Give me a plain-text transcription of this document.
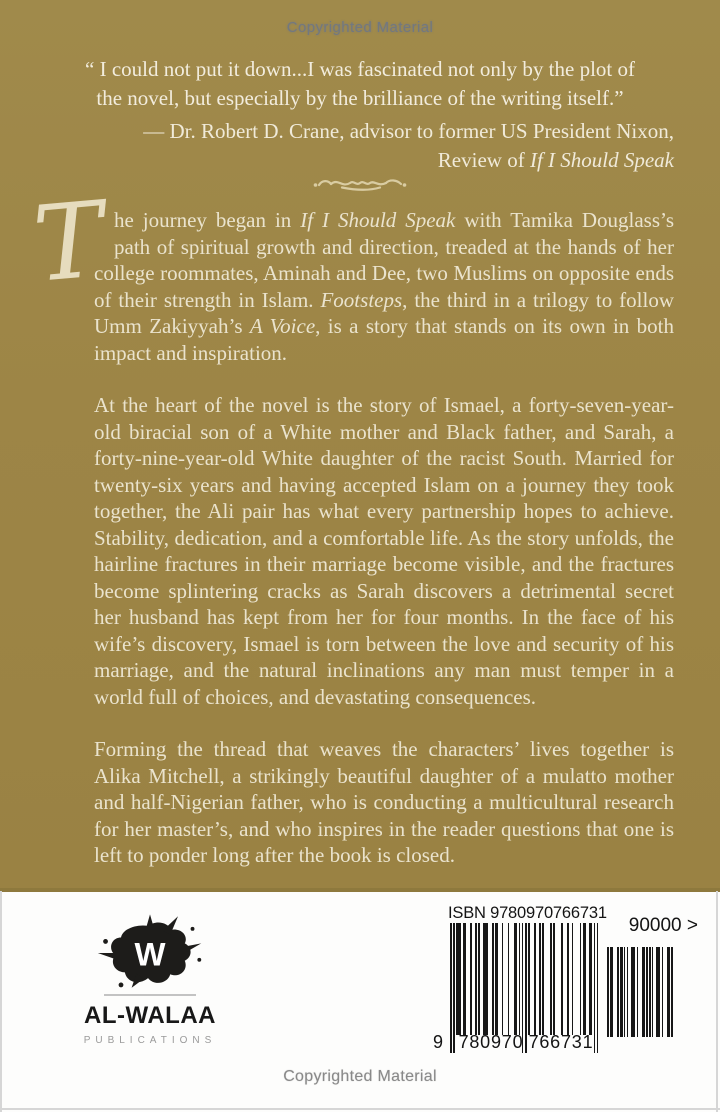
Copyrighted Material
“ I could not put it down...I was fascinated not only by the plot of
the novel, but especially by the brilliance of the writing itself.”
— Dr. Robert D. Crane, advisor to former US President Nixon,
Review of If I Should Speak
T he journey began in If I Should Speak with Tamika Douglass’s path of spiritual growth and direction, treaded at the hands of her college roommates, Aminah and Dee, two Muslims on opposite ends of their strength in Islam. Footsteps, the third in a trilogy to follow Umm Zakiyyah’s A Voice, is a story that stands on its own in both impact and inspiration.

At the heart of the novel is the story of Ismael, a forty-seven-year-old biracial son of a White mother and Black father, and Sarah, a forty-nine-year-old White daughter of the racist South. Married for twenty-six years and having accepted Islam on a journey they took together, the Ali pair has what every partnership hopes to achieve. Stability, dedication, and a comfortable life. As the story unfolds, the hairline fractures in their marriage become visible, and the fractures become splintering cracks as Sarah discovers a detrimental secret her husband has kept from her for four months. In the face of his wife’s discovery, Ismael is torn between the love and security of his marriage, and the natural inclinations any man must temper in a world full of choices, and devastating consequences.

Forming the thread that weaves the characters’ lives together is Alika Mitchell, a strikingly beautiful daughter of a mulatto mother and half-Nigerian father, who is conducting a multicultural research for her master’s, and who inspires in the reader questions that one is left to ponder long after the book is closed.

W
AL-WALAA
PUBLICATIONS
ISBN 9780970766731
9 780970 766731
90000 >
Copyrighted Material
